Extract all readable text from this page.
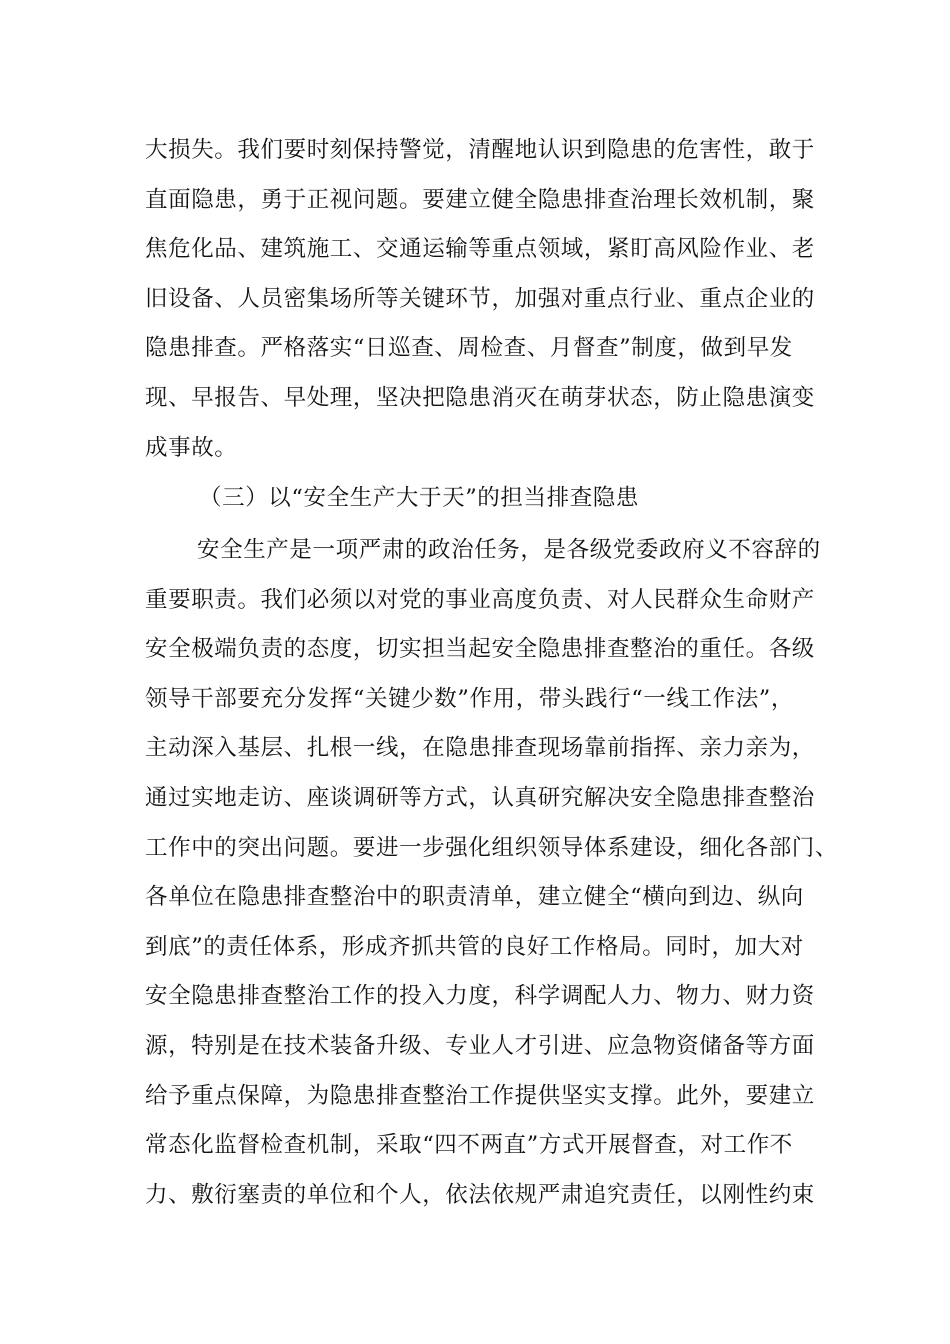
大损失。我们要时刻保持警觉，清醒地认识到隐患的危害性，敢于
直面隐患，勇于正视问题。要建立健全隐患排查治理长效机制，聚
焦危化品、建筑施工、交通运输等重点领域，紧盯高风险作业、老
旧设备、人员密集场所等关键环节，加强对重点行业、重点企业的
隐患排查。严格落实“日巡查、周检查、月督查”制度，做到早发
现、早报告、早处理，坚决把隐患消灭在萌芽状态，防止隐患演变
成事故。
（三）以“安全生产大于天”的担当排查隐患
安全生产是一项严肃的政治任务，是各级党委政府义不容辞的
重要职责。我们必须以对党的事业高度负责、对人民群众生命财产
安全极端负责的态度，切实担当起安全隐患排查整治的重任。各级
领导干部要充分发挥“关键少数”作用，带头践行“一线工作法”，
主动深入基层、扎根一线，在隐患排查现场靠前指挥、亲力亲为，
通过实地走访、座谈调研等方式，认真研究解决安全隐患排查整治
工作中的突出问题。要进一步强化组织领导体系建设，细化各部门、
各单位在隐患排查整治中的职责清单，建立健全“横向到边、纵向
到底”的责任体系，形成齐抓共管的良好工作格局。同时，加大对
安全隐患排查整治工作的投入力度，科学调配人力、物力、财力资
源，特别是在技术装备升级、专业人才引进、应急物资储备等方面
给予重点保障，为隐患排查整治工作提供坚实支撑。此外，要建立
常态化监督检查机制，采取“四不两直”方式开展督查，对工作不
力、敷衍塞责的单位和个人，依法依规严肃追究责任，以刚性约束
